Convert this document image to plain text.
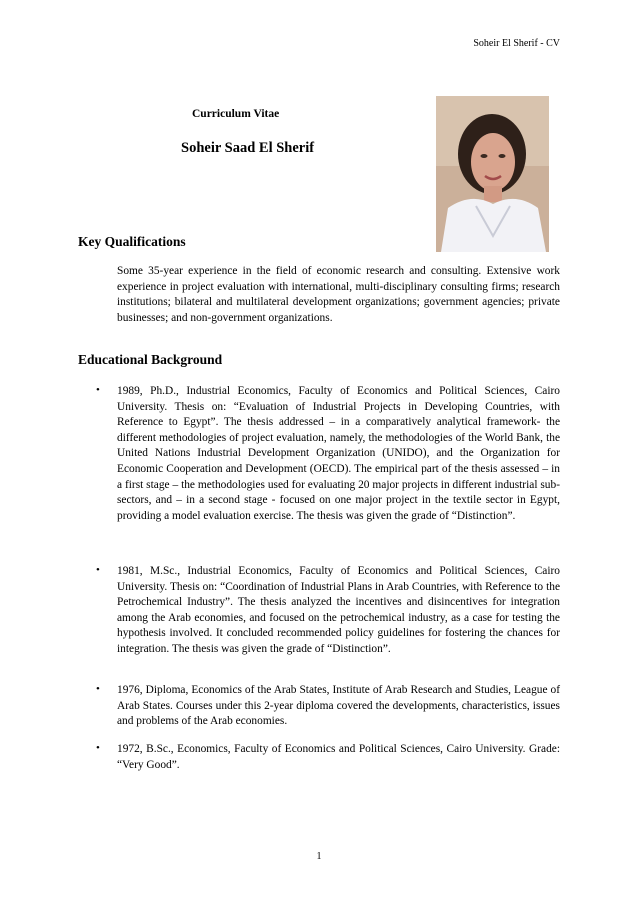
Soheir El Sherif - CV
Curriculum Vitae
Soheir Saad El Sherif
Key Qualifications
Some 35-year experience in the field of economic research and consulting. Extensive work experience in project evaluation with international, multi-disciplinary consulting firms; research institutions; bilateral and multilateral development organizations; government agencies; private businesses; and non-government organizations.
Educational Background
• 1989, Ph.D., Industrial Economics, Faculty of Economics and Political Sciences, Cairo University. Thesis on: “Evaluation of Industrial Projects in Developing Countries, with Reference to Egypt”. The thesis addressed – in a comparatively analytical framework- the different methodologies of project evaluation, namely, the methodologies of the World Bank, the United Nations Industrial Development Organization (UNIDO), and the Organization for Economic Cooperation and Development (OECD). The empirical part of the thesis assessed – in a first stage – the methodologies used for evaluating 20 major projects in different industrial sub-sectors, and – in a second stage - focused on one major project in the textile sector in Egypt, providing a model evaluation exercise. The thesis was given the grade of “Distinction”.
• 1981, M.Sc., Industrial Economics, Faculty of Economics and Political Sciences, Cairo University. Thesis on: “Coordination of Industrial Plans in Arab Countries, with Reference to the Petrochemical Industry”. The thesis analyzed the incentives and disincentives for integration among the Arab economies, and focused on the petrochemical industry, as a case for testing the hypothesis involved. It concluded recommended policy guidelines for fostering the chances for integration. The thesis was given the grade of “Distinction”.
• 1976, Diploma, Economics of the Arab States, Institute of Arab Research and Studies, League of Arab States. Courses under this 2-year diploma covered the developments, characteristics, issues and problems of the Arab economies.
• 1972, B.Sc., Economics, Faculty of Economics and Political Sciences, Cairo University. Grade: “Very Good”.
1
